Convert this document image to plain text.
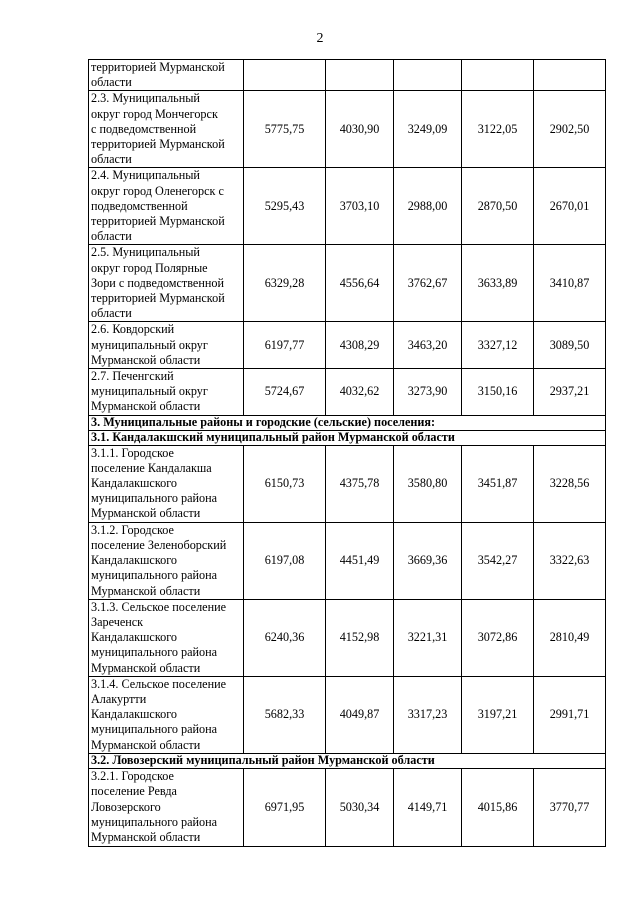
2
территорией Мурманской
области					

2.3. Муниципальный
округ город Мончегорск
с подведомственной
территорией Мурманской
области	5775,75	4030,90	3249,09	3122,05	2902,50

2.4. Муниципальный
округ город Оленегорск с
подведомственной
территорией Мурманской
области	5295,43	3703,10	2988,00	2870,50	2670,01

2.5. Муниципальный
округ город Полярные
Зори с подведомственной
территорией Мурманской
области	6329,28	4556,64	3762,67	3633,89	3410,87

2.6. Ковдорский
муниципальный округ
Мурманской области	6197,77	4308,29	3463,20	3327,12	3089,50

2.7. Печенгский
муниципальный округ
Мурманской области	5724,67	4032,62	3273,90	3150,16	2937,21
3. Муниципальные районы и городские (сельские) поселения:					
3.1. Кандалакшский муниципальный район Мурманской области					

3.1.1. Городское
поселение Кандалакша
Кандалакшского
муниципального района
Мурманской области	6150,73	4375,78	3580,80	3451,87	3228,56

3.1.2. Городское
поселение Зеленоборский
Кандалакшского
муниципального района
Мурманской области	6197,08	4451,49	3669,36	3542,27	3322,63

3.1.3. Сельское поселение
Зареченск
Кандалакшского
муниципального района
Мурманской области	6240,36	4152,98	3221,31	3072,86	2810,49

3.1.4. Сельское поселение
Алакуртти
Кандалакшского
муниципального района
Мурманской области	5682,33	4049,87	3317,23	3197,21	2991,71
3.2. Ловозерский муниципальный район Мурманской области					

3.2.1. Городское
поселение Ревда
Ловозерского
муниципального района
Мурманской области	6971,95	5030,34	4149,71	4015,86	3770,77
